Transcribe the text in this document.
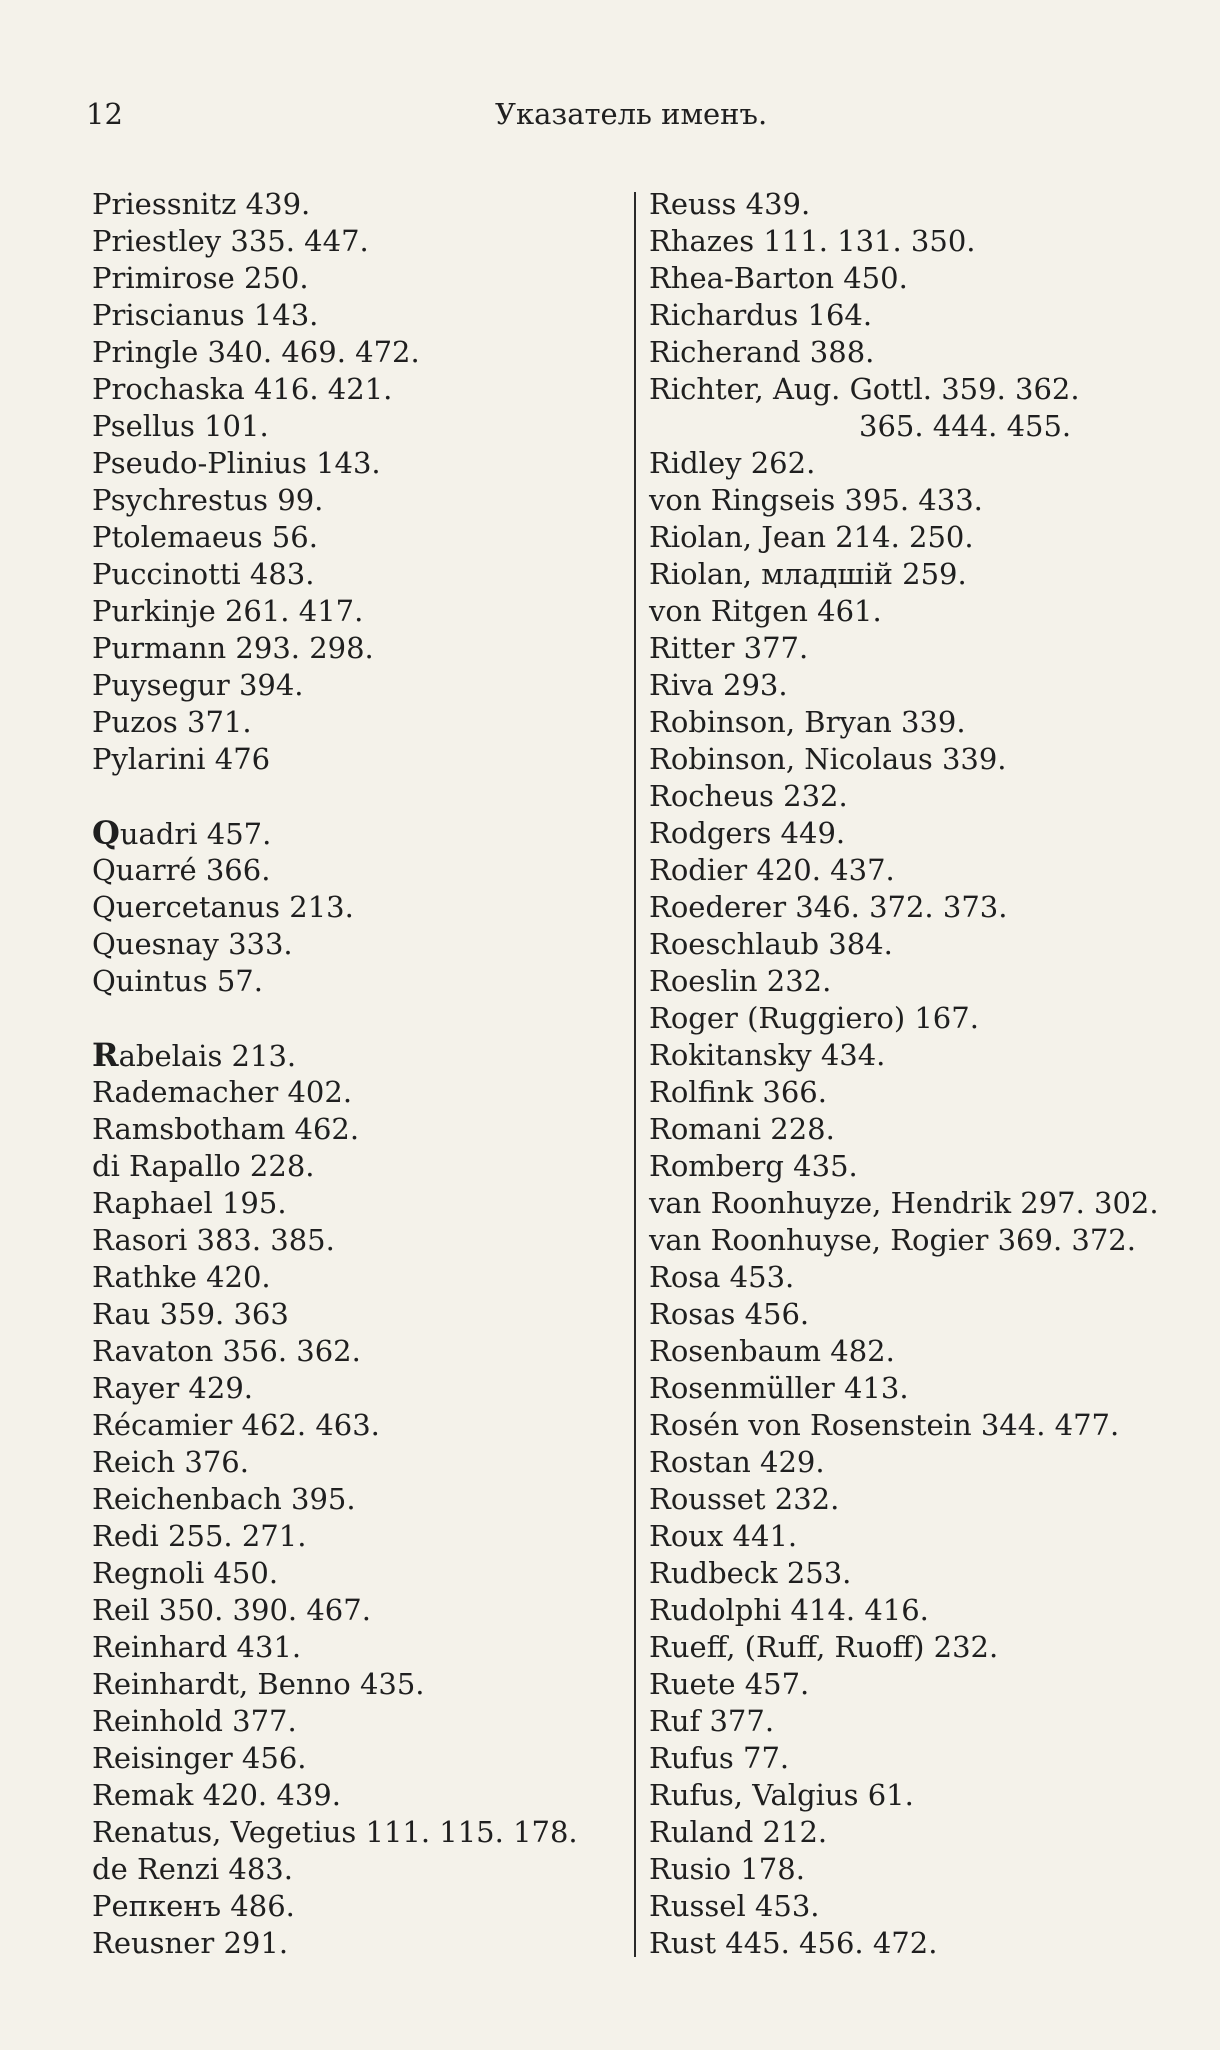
12	Указатель именъ.
Priessnitz 439.
Priestley 335. 447.
Primirose 250.
Priscianus 143.
Pringle 340. 469. 472.
Prochaska 416. 421.
Psellus 101.
Pseudo-Plinius 143.
Psychrestus 99.
Ptolemaeus 56.
Puccinotti 483.
Purkinje 261. 417.
Purmann 293. 298.
Puysegur 394.
Puzos 371.
Pylarini 476
Quadri 457.
Quarré 366.
Quercetanus 213.
Quesnay 333.
Quintus 57.
Rabelais 213.
Rademacher 402.
Ramsbotham 462.
di Rapallo 228.
Raphael 195.
Rasori 383. 385.
Rathke 420.
Rau 359. 363
Ravaton 356. 362.
Rayer 429.
Récamier 462. 463.
Reich 376.
Reichenbach 395.
Redi 255. 271.
Regnoli 450.
Reil 350. 390. 467.
Reinhard 431.
Reinhardt, Benno 435.
Reinhold 377.
Reisinger 456.
Remak 420. 439.
Renatus, Vegetius 111. 115. 178.
de Renzi 483.
Репкенъ 486.
Reusner 291.
Reuss 439.
Rhazes 111. 131. 350.
Rhea-Barton 450.
Richardus 164.
Richerand 388.
Richter, Aug. Gottl. 359. 362.
365. 444. 455.
Ridley 262.
von Ringseis 395. 433.
Riolan, Jean 214. 250.
Riolan, младшій 259.
von Ritgen 461.
Ritter 377.
Riva 293.
Robinson, Bryan 339.
Robinson, Nicolaus 339.
Rocheus 232.
Rodgers 449.
Rodier 420. 437.
Roederer 346. 372. 373.
Roeschlaub 384.
Roeslin 232.
Roger (Ruggiero) 167.
Rokitansky 434.
Rolfink 366.
Romani 228.
Romberg 435.
van Roonhuyze, Hendrik 297. 302.
van Roonhuyse, Rogier 369. 372.
Rosa 453.
Rosas 456.
Rosenbaum 482.
Rosenmüller 413.
Rosén von Rosenstein 344. 477.
Rostan 429.
Rousset 232.
Roux 441.
Rudbeck 253.
Rudolphi 414. 416.
Rueff, (Ruff, Ruoff) 232.
Ruete 457.
Ruf 377.
Rufus 77.
Rufus, Valgius 61.
Ruland 212.
Rusio 178.
Russel 453.
Rust 445. 456. 472.
